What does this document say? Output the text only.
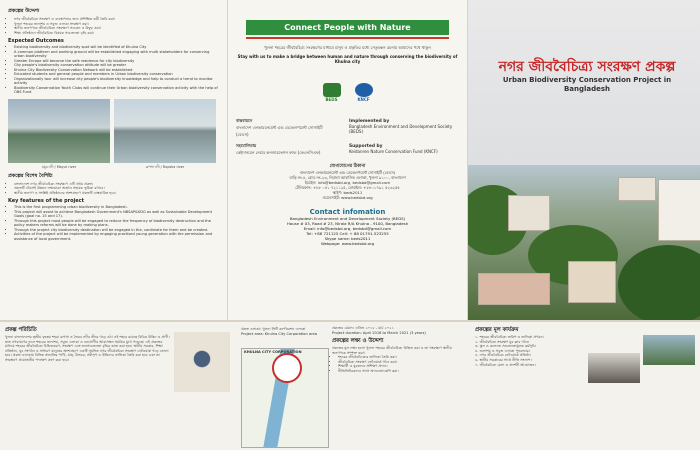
প্রকল্পের উদ্দেশ্য
• নগর জীববৈচিত্র্য সংরক্ষণ ও ব্যবস্থাপনার জন্য প্রশিক্ষিত কর্মী তৈরি করা।
• খুলনা শহরের জলাশয় ও সবুজ এলাকা সংরক্ষণ করা।
• স্থানীয় জনগণকে জীববৈচিত্র্য সংরক্ষণে সচেতন ও উদ্বুদ্ধ করা।
• শিক্ষা প্রতিষ্ঠানে জীববৈচিত্র্য বিষয়ক সচেতনতা বৃদ্ধি করা।
Expected Outcomes
• Existing biodiversity and biodiversity spot will be identified of Khulna City
• A common platform and working ground will be established engaging with multi stakeholders for conserving urban biodiversity
• Greater Enrope will become the safe residence for city biodiversity
• City people's biodiversity conservation attitude will be greater
• Khulna City Biodiversity Conservation Network will be established
• Educated students and general people and members in Urban biodiversity conservation
• Organizationally tour will increase city people's biodiversity knowledge and help to conduct a trend to monitor activity
• Biodiversity Conservation Youth Clubs will continue their Urban biodiversity conservation activity with the help of OBS Fund
ময়ূর নদী / Mayur river	রূপসা নদী / Rupsha river
প্রকল্পের বিশেষ বৈশিষ্ট্য
• বাংলাদেশে নগর জীববৈচিত্র্য সংরক্ষণে এটি প্রথম প্রকল্প।
• প্রকল্পটি টেকসই উন্নয়ন লক্ষ্যমাত্রা অর্জনে সহায়ক ভূমিকা রাখবে।
• স্থানীয় জনগণ ও সংশ্লিষ্ট প্রতিষ্ঠানের অংশগ্রহণে প্রকল্পটি বাস্তবায়িত হবে।
Key features of the project
• This is the first programming urban biodiversity in Bangladesh.
• This project will assist to achieve Bangladesh Government's NBSAP&SDG as well as Sustainable Development Goals (goal no. 15 and 17).
• Through this project most people will be engaged to reduce the frequency of biodiversity destruction and the policy makers reforms will be done by making plans.
• Through the project city biodiversity destination will be engaged in the, cordiniate for them and be created.
• Activities of the project will be implemented by engaging practised young generation with the permission and assistance of local government.
Connect People with Nature
খুলনা শহরের জীববৈচিত্র্য সংরক্ষণের মাধ্যমে মানুষ ও প্রকৃতির মধ্যে সেতুবন্ধন রচনায় আমাদের পথে থাকুন
Stay with us to make a bridge between human and nature through conserving the biodiversity of Khulna city
BEDS	KNCF
বাস্তবায়নে
বাংলাদেশ এনভায়রনমেন্ট এন্ড ডেভেলপমেন্ট সোসাইটি (বেডস)
Implemented by
Bangladesh Environment and Development Society (BEDS)
সহযোগিতায়
কেইদানরেন নেচার কনজারভেশন ফান্ড (কেএনসিএফ)
Supported by
Keidanren Nature Conservation Fund (KNCF)
যোগাযোগের ঠিকানা
বাংলাদেশ এনভায়রনমেন্ট এন্ড ডেভেলপমেন্ট সোসাইটি (বেডস)
বাড়ি নং-৪, রোড নং-২৩, নিরালা আবাসিক এলাকা, খুলনা ৯১০০, বাংলাদেশ
ইমেইল: info@bedsbd.org, bedsbd@gmail.com
টেলিফোন: +৮৮ ০৪১ ৭২১১২৫, মোবাইল: +৮৮০১৭৯১ ৫২৩২৫৫
স্কাইপ: beds2011
ওয়েবসাইট: www.bedsbd.org
Contact infomation
Bangladesh Environment and Development Society (BEDS)
House # 03, Road # 23, Nirala R/A Khulna - 9100, Bangladesh
Email: info@bedsbd.org, bedsbd@gmail.com
Tel: +88 721125 Cell: + 88 01791-523255
Skype name: beds2011
Webpage: www.bedsbd.org
নগর জীববৈচিত্র্য সংরক্ষণ প্রকল্প
Urban Biodiversity Conservation Project in Bangladesh
প্রকল্প পরিচিতি
খুলনা বাংলাদেশের তৃতীয় বৃহত্তম শহর। রূপসা ও ভৈরব নদীর তীরে গড়ে ওঠা এই শহরে রয়েছে বিচিত্র উদ্ভিদ ও প্রাণী। দ্রুত নগরায়ণের ফলে শহরের জলাশয়, সবুজ এলাকা ও বন্যপ্রাণীর আবাসস্থল হুমকির মুখে পড়েছে। এই প্রকল্পের মাধ্যমে শহরের জীববৈচিত্র্য চিহ্নিতকরণ, সংরক্ষণ এবং জনসচেতনতা বৃদ্ধির কাজ করা হবে। স্থানীয় সরকার, শিক্ষা প্রতিষ্ঠান, যুব সংগঠন ও সাধারণ মানুষের অংশগ্রহণে একটি সমন্বিত নগর জীববৈচিত্র্য সংরক্ষণ নেটওয়ার্ক গড়ে তোলা হবে। প্রকল্প এলাকায় বিভিন্ন প্রজাতির পাখি, মাছ, উভচর, সরীসৃপ ও উদ্ভিদের তালিকা তৈরি করা হবে এবং তা সংরক্ষণে প্রয়োজনীয় পদক্ষেপ গ্রহণ করা হবে।
প্রকল্প এলাকা: খুলনা সিটি কর্পোরেশন এলাকা
Project area: Khulna City Corporation area
KHULNA CITY CORPORATION
প্রকল্পের মেয়াদ: এপ্রিল ২০১৮ - মার্চ ২০২১
Project duration: April 2018 to March 2021 (3 years)
প্রকল্পের লক্ষ্য ও উদ্দেশ্য
প্রকল্পের মূল লক্ষ্য হলো খুলনা শহরের জীববৈচিত্র্য চিহ্নিত করা ও তা সংরক্ষণে স্থানীয় জনগণকে সম্পৃক্ত করা।
• শহরের জীববৈচিত্র্যের তালিকা তৈরি করা।
• জীববৈচিত্র্য সংরক্ষণ নেটওয়ার্ক গঠন করা।
• শিক্ষার্থী ও যুবকদের প্রশিক্ষণ প্রদান।
• নীতিনির্ধারকদের সাথে অ্যাডভোকেসি করা।
প্রকল্পের মূল কার্যক্রম
১. শহরের জীববৈচিত্র্য জরিপ ও তালিকা প্রণয়ন।
২. জীববৈচিত্র্য সংরক্ষণ যুব ক্লাব গঠন।
৩. স্কুল ও কলেজে সচেতনতামূলক কর্মসূচি।
৪. জলাশয় ও সবুজ এলাকা পুনরুদ্ধার।
৫. নগর জীববৈচিত্র্য নেটওয়ার্ক প্রতিষ্ঠা।
৬. স্থানীয় সরকারের সাথে নীতি সংলাপ।
৭. জীববৈচিত্র্য মেলা ও প্রদর্শনী আয়োজন।
